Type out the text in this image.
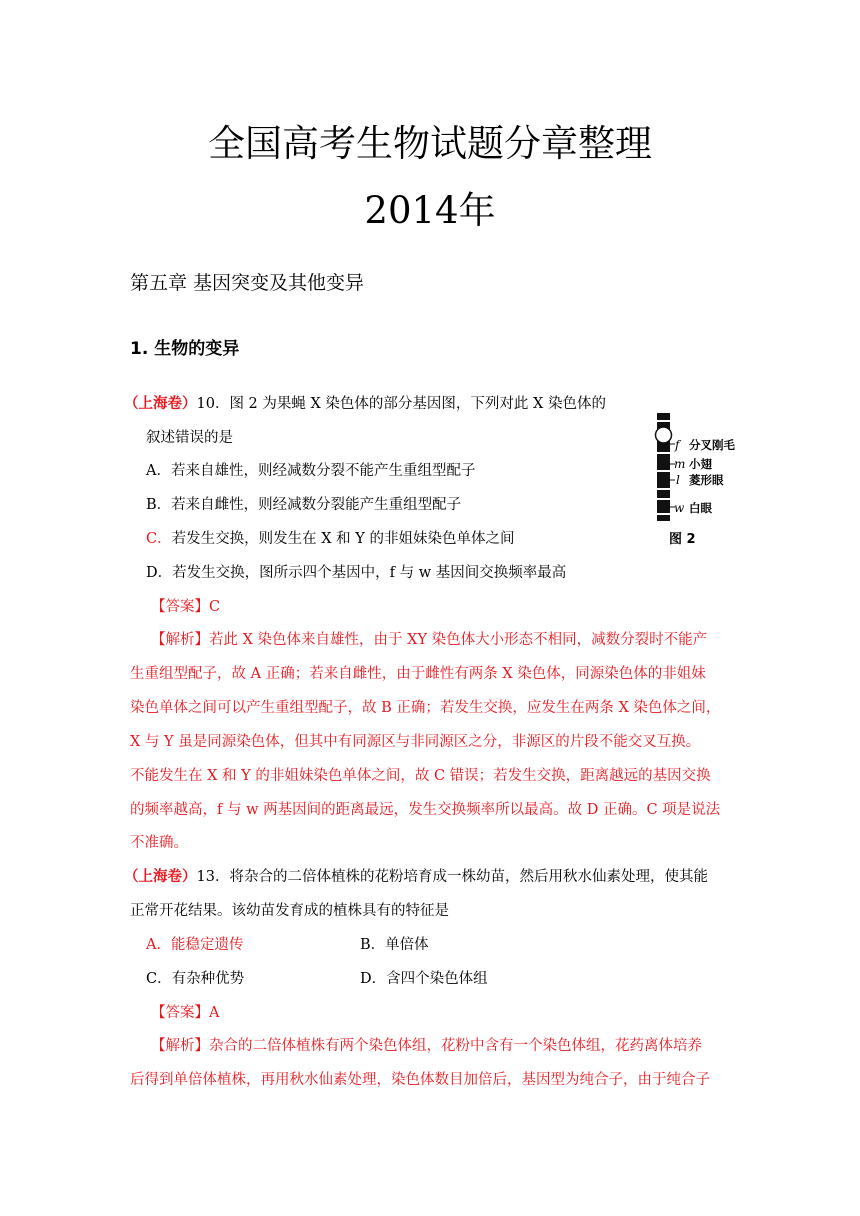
全国高考生物试题分章整理
2014年
第五章 基因突变及其他变异
1. 生物的变异
（上海卷）10．图 2 为果蝇 X 染色体的部分基因图，下列对此 X 染色体的
叙述错误的是
A．若来自雄性，则经减数分裂不能产生重组型配子
B．若来自雌性，则经减数分裂能产生重组型配子
C．若发生交换，则发生在 X 和 Y 的非姐妹染色单体之间
D．若发生交换，图所示四个基因中，f 与 w 基因间交换频率最高
【答案】C
【解析】若此 X 染色体来自雄性，由于 XY 染色体大小形态不相同，减数分裂时不能产
生重组型配子，故 A 正确；若来自雌性，由于雌性有两条 X 染色体，同源染色体的非姐妹
染色单体之间可以产生重组型配子，故 B 正确；若发生交换，应发生在两条 X 染色体之间，
X 与 Y 虽是同源染色体，但其中有同源区与非同源区之分，非源区的片段不能交叉互换。
不能发生在 X 和 Y 的非姐妹染色单体之间，故 C 错误；若发生交换，距离越远的基因交换
的频率越高，f 与 w 两基因间的距离最远，发生交换频率所以最高。故 D 正确。C 项是说法
不准确。
f
m
l
w
分叉刚毛
小翅
菱形眼
白眼
图 2
（上海卷）13．将杂合的二倍体植株的花粉培育成一株幼苗，然后用秋水仙素处理，使其能
正常开花结果。该幼苗发育成的植株具有的特征是
A．能稳定遗传	B．单倍体
C．有杂种优势	D．含四个染色体组
【答案】A
【解析】杂合的二倍体植株有两个染色体组，花粉中含有一个染色体组，花药离体培养
后得到单倍体植株，再用秋水仙素处理，染色体数目加倍后，基因型为纯合子，由于纯合子
